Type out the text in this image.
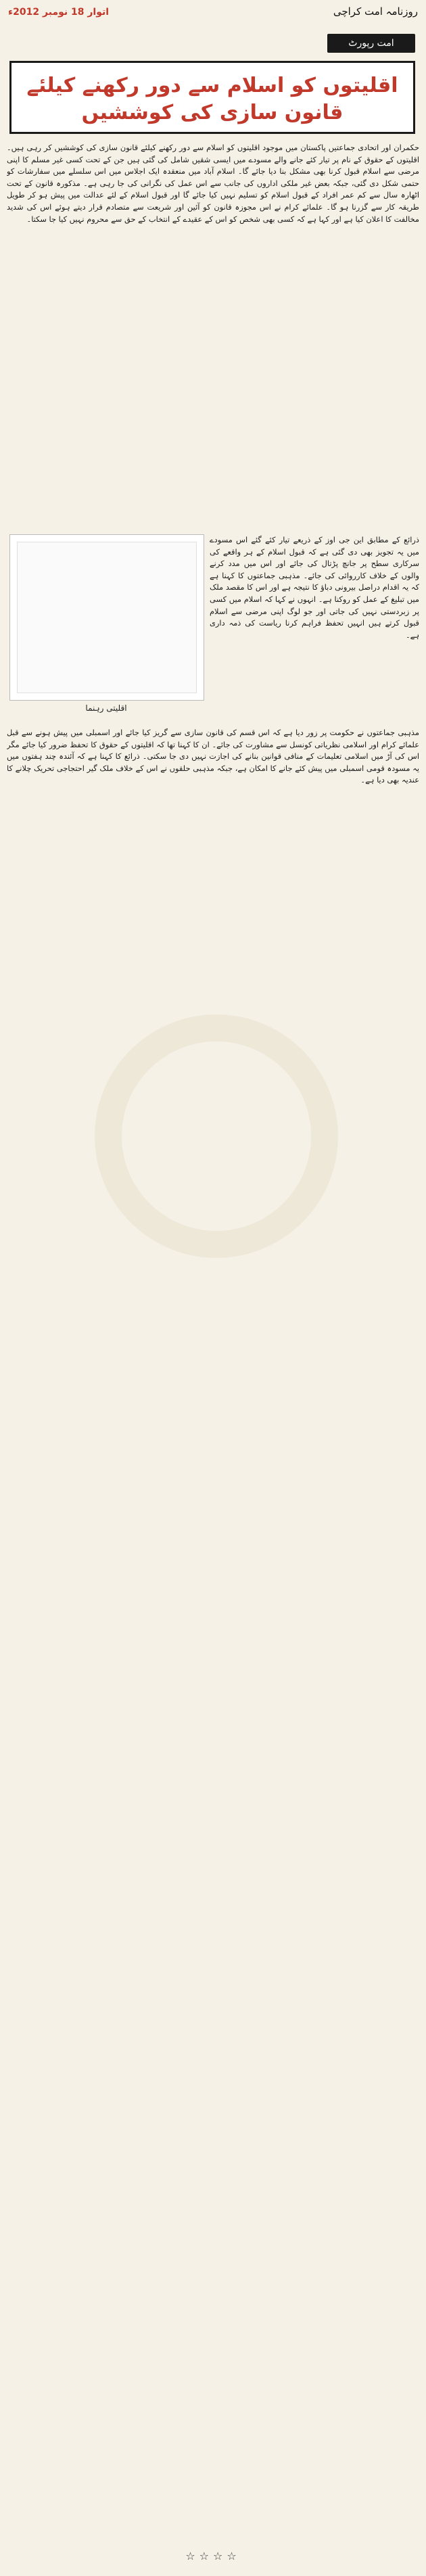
روزنامہ امت کراچی
اتوار 18 نومبر 2012ء
امت رپورٹ
اقلیتوں کو اسلام سے دور رکھنے کیلئے قانون سازی کی کوششیں
حکمران اور اتحادی جماعتیں پاکستان میں موجود اقلیتوں کو اسلام سے دور رکھنے کیلئے قانون سازی کی کوششیں کر رہی ہیں۔ اقلیتوں کے حقوق کے نام پر تیار کئے جانے والے مسودے میں ایسی شقیں شامل کی گئی ہیں جن کے تحت کسی غیر مسلم کا اپنی مرضی سے اسلام قبول کرنا بھی مشکل بنا دیا جائے گا۔ اسلام آباد میں منعقدہ ایک اجلاس میں اس سلسلے میں سفارشات کو حتمی شکل دی گئی، جبکہ بعض غیر ملکی اداروں کی جانب سے اس عمل کی نگرانی کی جا رہی ہے۔ مذکورہ قانون کے تحت اٹھارہ سال سے کم عمر افراد کے قبول اسلام کو تسلیم نہیں کیا جائے گا اور قبول اسلام کے لئے عدالت میں پیش ہو کر طویل طریقہ کار سے گزرنا ہو گا۔ علمائے کرام نے اس مجوزہ قانون کو آئین اور شریعت سے متصادم قرار دیتے ہوئے اس کی شدید مخالفت کا اعلان کیا ہے اور کہا ہے کہ کسی بھی شخص کو اس کے عقیدے کے انتخاب کے حق سے محروم نہیں کیا جا سکتا۔
اقلیتی رہنما
ذرائع کے مطابق این جی اوز کے ذریعے تیار کئے گئے اس مسودے میں یہ تجویز بھی دی گئی ہے کہ قبول اسلام کے ہر واقعے کی سرکاری سطح پر جانچ پڑتال کی جائے اور اس میں مدد کرنے والوں کے خلاف کارروائی کی جائے۔ مذہبی جماعتوں کا کہنا ہے کہ یہ اقدام دراصل بیرونی دباؤ کا نتیجہ ہے اور اس کا مقصد ملک میں تبلیغ کے عمل کو روکنا ہے۔ انہوں نے کہا کہ اسلام میں کسی پر زبردستی نہیں کی جاتی اور جو لوگ اپنی مرضی سے اسلام قبول کرتے ہیں انہیں تحفظ فراہم کرنا ریاست کی ذمہ داری ہے۔
مذہبی جماعتوں نے حکومت پر زور دیا ہے کہ اس قسم کی قانون سازی سے گریز کیا جائے اور اسمبلی میں پیش ہونے سے قبل علمائے کرام اور اسلامی نظریاتی کونسل سے مشاورت کی جائے۔ ان کا کہنا تھا کہ اقلیتوں کے حقوق کا تحفظ ضرور کیا جائے مگر اس کی آڑ میں اسلامی تعلیمات کے منافی قوانین بنانے کی اجازت نہیں دی جا سکتی۔ ذرائع کا کہنا ہے کہ آئندہ چند ہفتوں میں یہ مسودہ قومی اسمبلی میں پیش کئے جانے کا امکان ہے، جبکہ مذہبی حلقوں نے اس کے خلاف ملک گیر احتجاجی تحریک چلانے کا عندیہ بھی دیا ہے۔
☆☆☆☆
